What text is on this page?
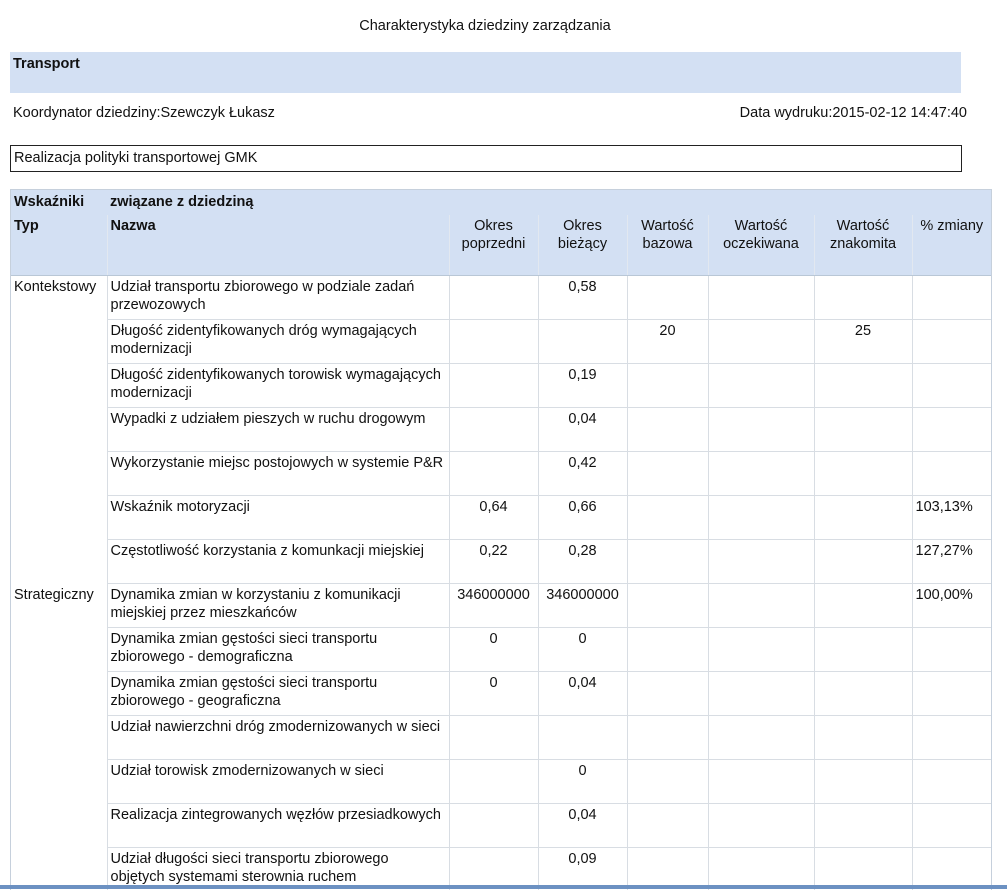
Charakterystyka dziedziny zarządzania
Transport
Koordynator dziedziny:Szewczyk Łukasz	Data wydruku:2015-02-12 14:47:40
Realizacja polityki transportowej GMK
Wskaźniki	związane z dziedziną						
Typ	Nazwa	Okres poprzedni	Okres bieżący	Wartość bazowa	Wartość oczekiwana	Wartość znakomita	% zmiany
Kontekstowy	Udział transportu zbiorowego w podziale zadań przewozowych		0,58				
	Długość zidentyfikowanych dróg wymagających modernizacji			20		25	
	Długość zidentyfikowanych torowisk wymagających modernizacji		0,19				
	Wypadki z udziałem pieszych w ruchu drogowym		0,04				
	Wykorzystanie miejsc postojowych w systemie P&R		0,42				
	Wskaźnik motoryzacji	0,64	0,66				103,13%
	Częstotliwość korzystania z komunkacji miejskiej	0,22	0,28				127,27%
Strategiczny	Dynamika zmian w korzystaniu z komunikacji miejskiej przez mieszkańców	346000000	346000000				100,00%
	Dynamika zmian gęstości sieci transportu zbiorowego - demograficzna	0	0				
	Dynamika zmian gęstości sieci transportu zbiorowego - geograficzna	0	0,04				
	Udział nawierzchni dróg zmodernizowanych w sieci						
	Udział torowisk zmodernizowanych w sieci		0				
	Realizacja zintegrowanych węzłów przesiadkowych		0,04				
	Udział długości sieci transportu zbiorowego objętych systemami sterownia ruchem		0,09				
